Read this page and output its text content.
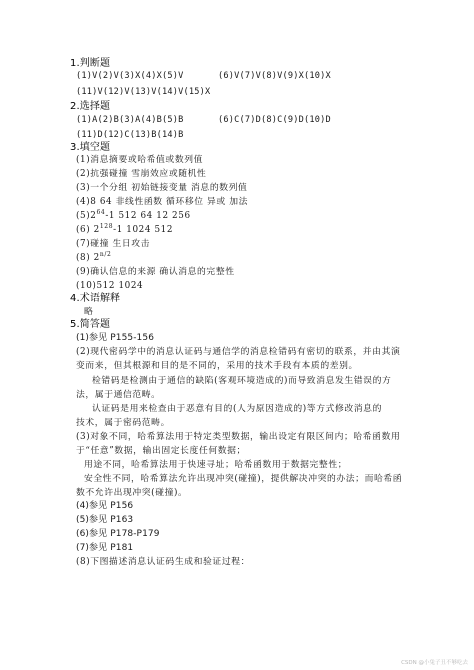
1.判断题
(1)V(2)V(3)X(4)X(5)V	(6)V(7)V(8)V(9)X(10)X
(11)V(12)V(13)V(14)V(15)X
2.选择题
(1)A(2)B(3)A(4)B(5)B	(6)C(7)D(8)C(9)D(10)D
(11)D(12)C(13)B(14)B
3.填空题
(1)消息摘要或哈希值或数列值
(2)抗强碰撞 雪崩效应或随机性
(3)一个分组 初始链接变量 消息的数列值
(4)8 64 非线性函数 循环移位 异或 加法
$(5)2^{64}-1$ 512 64 12 256
(6) $2^{128}-1$ 1024 512
(7)碰撞 生日攻击
(8) $2^{n/2}$
(9)确认信息的来源 确认消息的完整性
(10)512 1024
4.术语解释
略
5.简答题
(1)参见 P155-156
(2)现代密码学中的消息认证码与通信学的消息检错码有密切的联系，并由其演
变而来，但其根源和目的是不同的，采用的技术手段有本质的差别。
检错码是检测由于通信的缺陷(客观环境造成的)而导致消息发生错误的方
法，属于通信范畴。
认证码是用来检查由于恶意有目的(人为原因造成的)等方式修改消息的
技术，属于密码范畴。
(3)对象不同，哈希算法用于特定类型数据，输出设定有限区间内；哈希函数用
于“任意”数据，输出固定长度任何数据；
用途不同，哈希算法用于快速寻址；哈希函数用于数据完整性；
安全性不同，哈希算法允许出现冲突(碰撞)，提供解决冲突的办法；而哈希函
数不允许出现冲突(碰撞)。
(4)参见 P156
(5)参见 P163
(6)参见 P178-P179
(7)参见 P181
(8)下图描述消息认证码生成和验证过程：
CSDN @小兔子丑不够吃去
